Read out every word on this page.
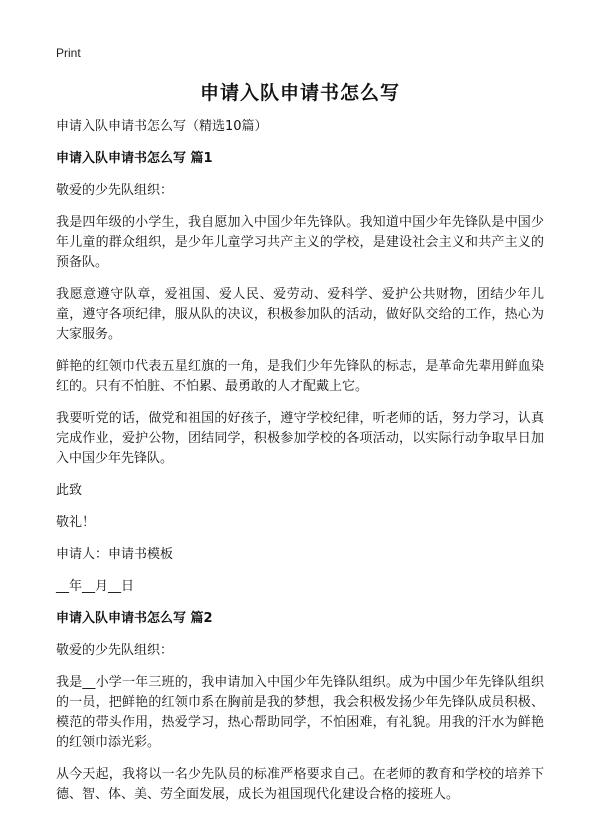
Print

申请入队申请书怎么写

申请入队申请书怎么写（精选10篇）

申请入队申请书怎么写 篇1

敬爱的少先队组织：

我是四年级的小学生，我自愿加入中国少年先锋队。我知道中国少年先锋队是中国少年儿童的群众组织，是少年儿童学习共产主义的学校，是建设社会主义和共产主义的预备队。

我愿意遵守队章，爱祖国、爱人民、爱劳动、爱科学、爱护公共财物，团结少年儿童，遵守各项纪律，服从队的决议，积极参加队的活动，做好队交给的工作，热心为大家服务。

鲜艳的红领巾代表五星红旗的一角，是我们少年先锋队的标志，是革命先辈用鲜血染红的。只有不怕脏、不怕累、最勇敢的人才配戴上它。

我要听党的话，做党和祖国的好孩子，遵守学校纪律，听老师的话，努力学习，认真完成作业，爱护公物，团结同学，积极参加学校的各项活动，以实际行动争取早日加入中国少年先锋队。

此致

敬礼！

申请人：申请书模板

__年__月__日

申请入队申请书怎么写 篇2

敬爱的少先队组织：

我是__小学一年三班的，我申请加入中国少年先锋队组织。成为中国少年先锋队组织的一员，把鲜艳的红领巾系在胸前是我的梦想，我会积极发扬少年先锋队成员积极、模范的带头作用，热爱学习，热心帮助同学，不怕困难，有礼貌。用我的汗水为鲜艳的红领巾添光彩。

从今天起，我将以一名少先队员的标准严格要求自己。在老师的教育和学校的培养下德、智、体、美、劳全面发展，成长为祖国现代化建设合格的接班人。
